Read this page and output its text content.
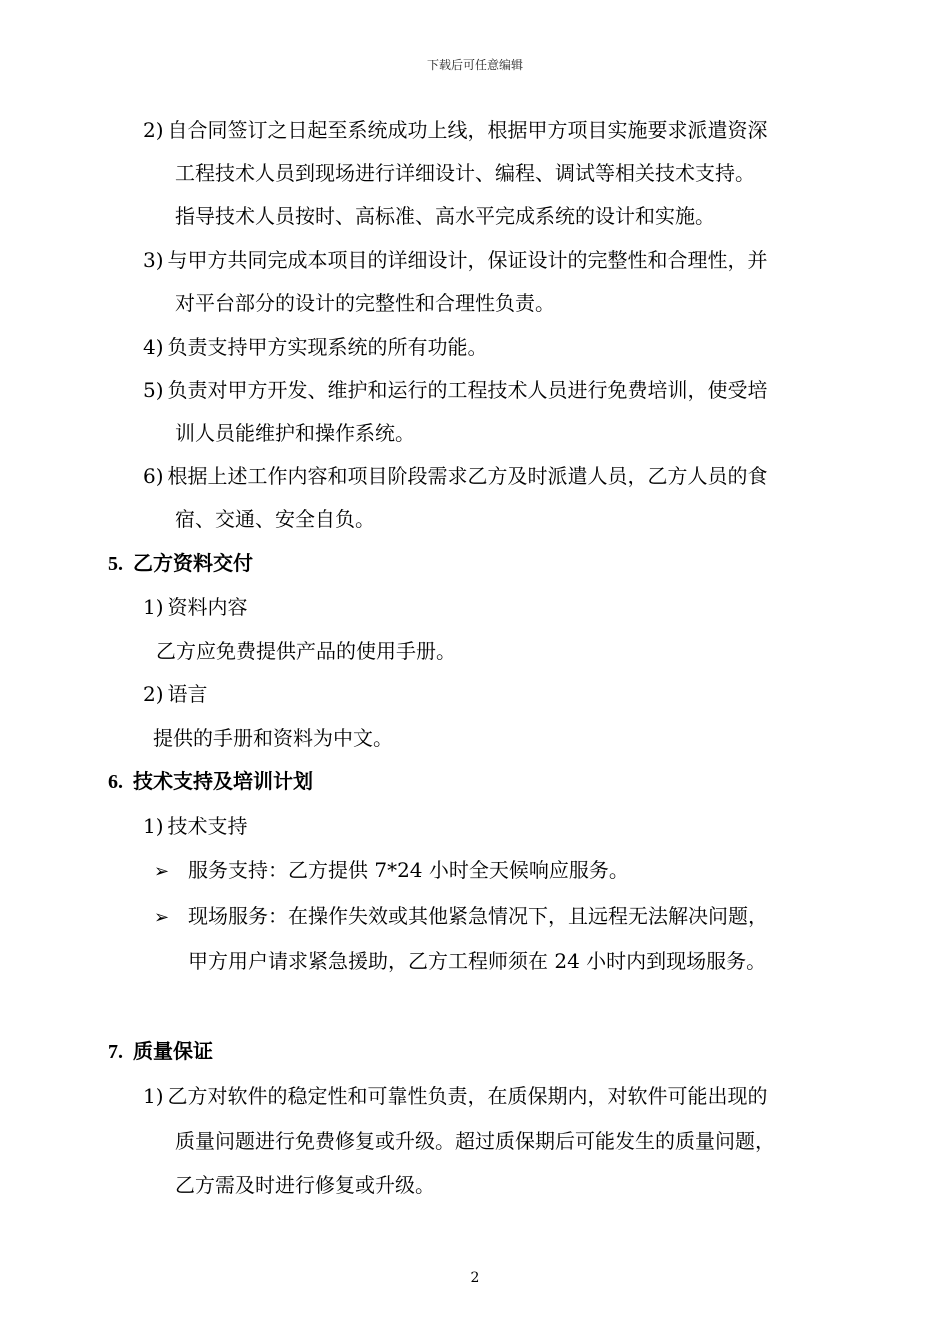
下载后可任意编辑
2) 自合同签订之日起至系统成功上线，根据甲方项目实施要求派遣资深
工程技术人员到现场进行详细设计、编程、调试等相关技术支持。
指导技术人员按时、高标准、高水平完成系统的设计和实施。
3) 与甲方共同完成本项目的详细设计，保证设计的完整性和合理性，并
对平台部分的设计的完整性和合理性负责。
4) 负责支持甲方实现系统的所有功能。
5) 负责对甲方开发、维护和运行的工程技术人员进行免费培训，使受培
训人员能维护和操作系统。
6) 根据上述工作内容和项目阶段需求乙方及时派遣人员，乙方人员的食
宿、交通、安全自负。
5. 乙方资料交付
1) 资料内容
乙方应免费提供产品的使用手册。
2) 语言
提供的手册和资料为中文。
6. 技术支持及培训计划
1) 技术支持
➢ 服务支持：乙方提供 7*24 小时全天候响应服务。
➢ 现场服务：在操作失效或其他紧急情况下，且远程无法解决问题，
甲方用户请求紧急援助，乙方工程师须在 24 小时内到现场服务。
7. 质量保证
1) 乙方对软件的稳定性和可靠性负责，在质保期内，对软件可能出现的
质量问题进行免费修复或升级。超过质保期后可能发生的质量问题，
乙方需及时进行修复或升级。
2
